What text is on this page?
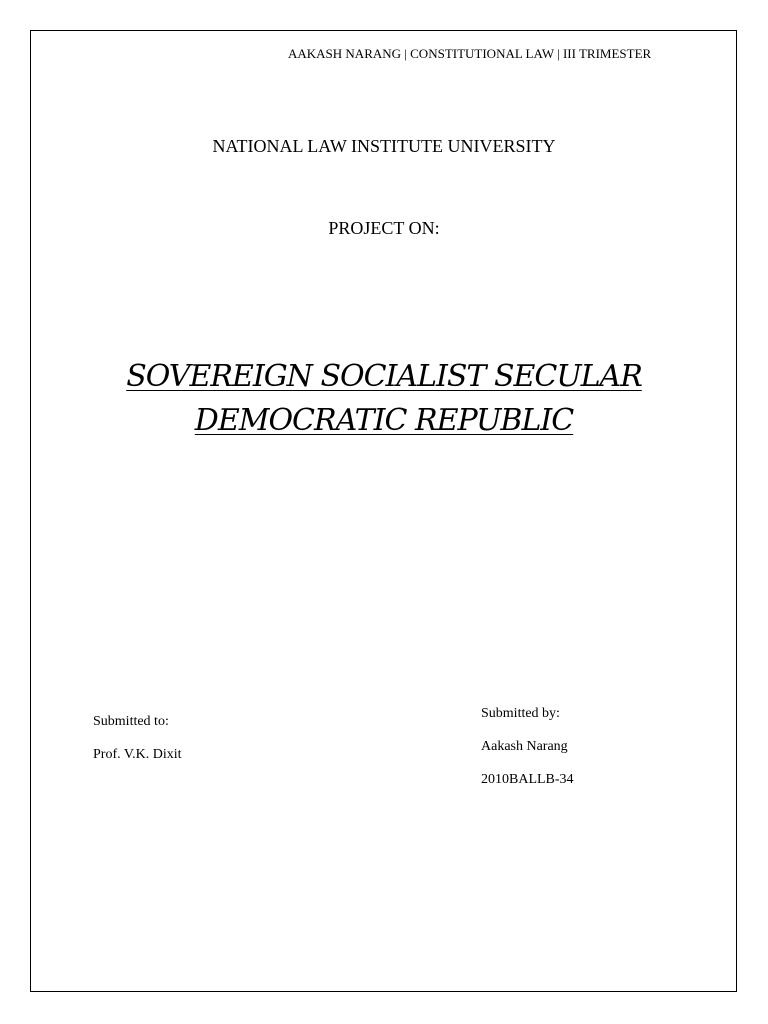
AAKASH NARANG | CONSTITUTIONAL LAW | III TRIMESTER
NATIONAL LAW INSTITUTE UNIVERSITY
PROJECT ON:
SOVEREIGN SOCIALIST SECULAR
DEMOCRATIC REPUBLIC
Submitted to:
Prof. V.K. Dixit
Submitted by:
Aakash Narang
2010BALLB-34
